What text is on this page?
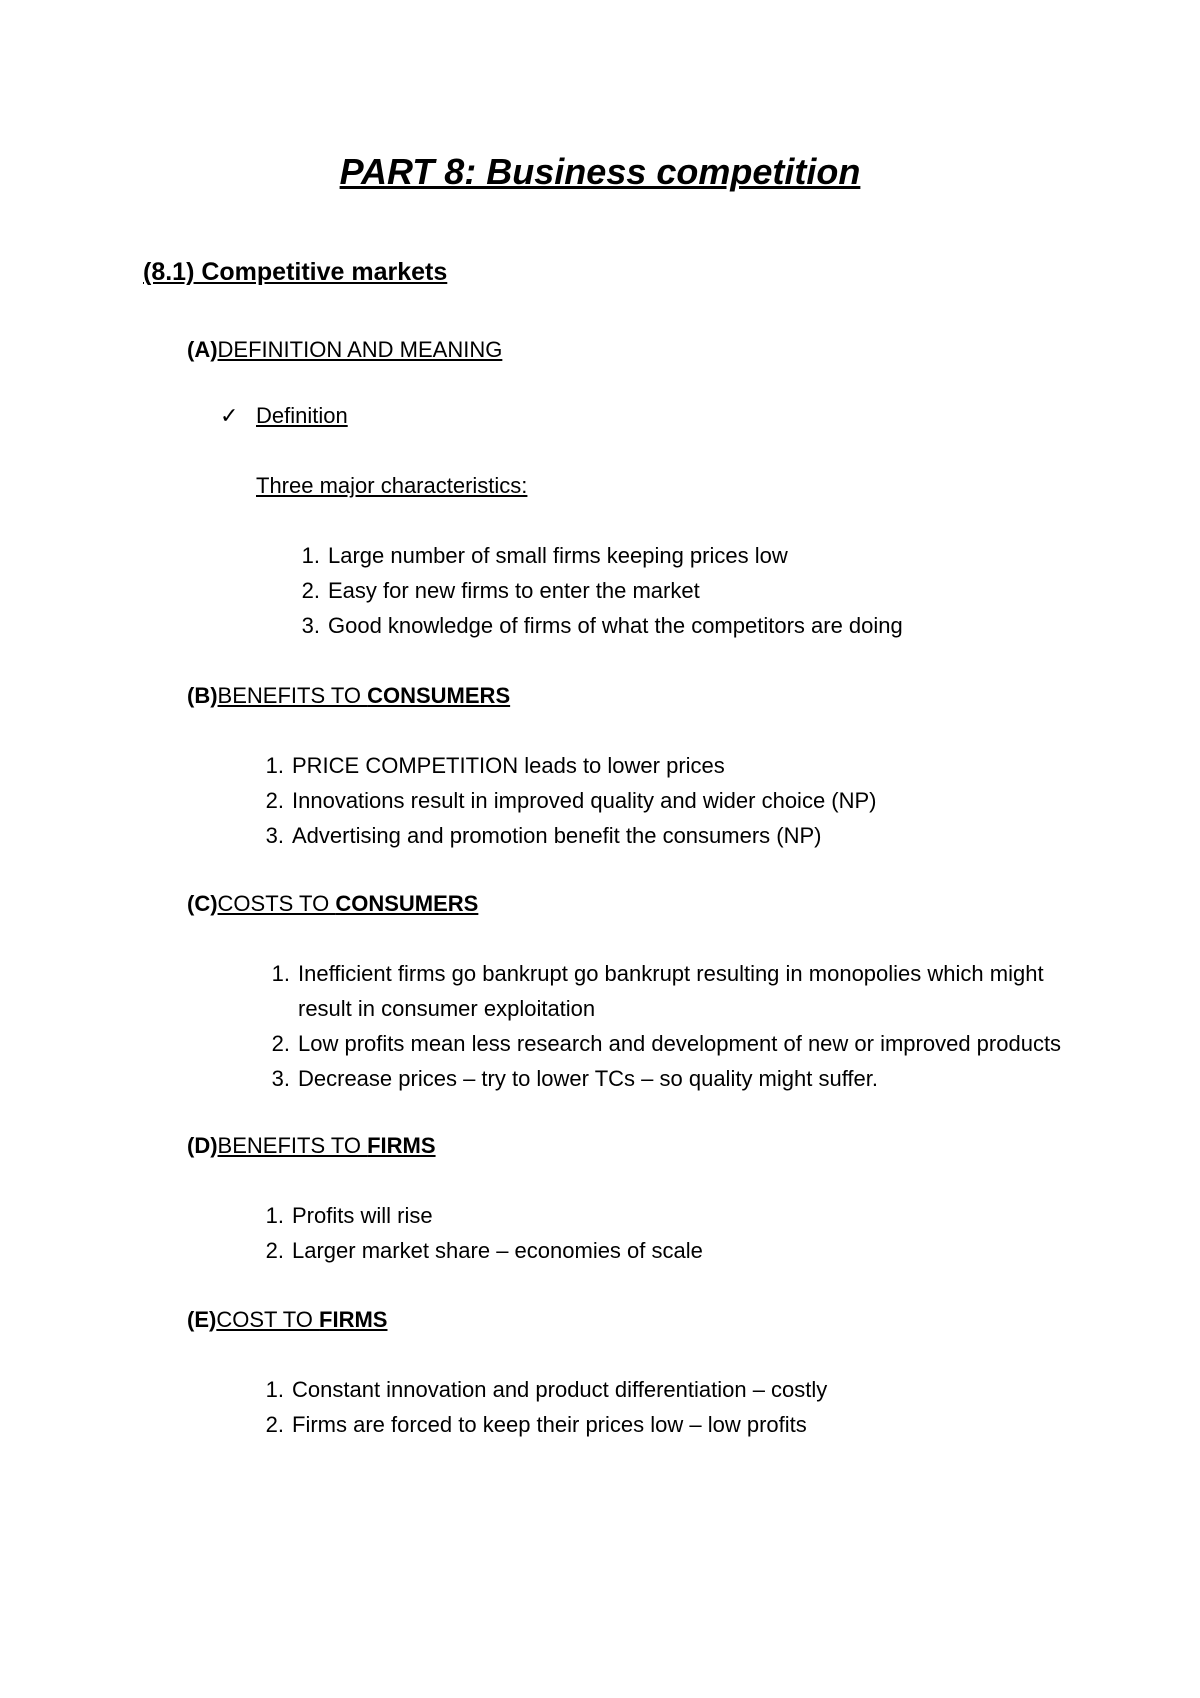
PART 8: Business competition
(8.1) Competitive markets
(A)DEFINITION AND MEANING
✓ Definition
Three major characteristics:
1. Large number of small firms keeping prices low
2. Easy for new firms to enter the market
3. Good knowledge of firms of what the competitors are doing
(B)BENEFITS TO CONSUMERS
1. PRICE COMPETITION leads to lower prices
2. Innovations result in improved quality and wider choice (NP)
3. Advertising and promotion benefit the consumers (NP)
(C)COSTS TO CONSUMERS
1. Inefficient firms go bankrupt go bankrupt resulting in monopolies which might result in consumer exploitation
2. Low profits mean less research and development of new or improved products
3. Decrease prices – try to lower TCs – so quality might suffer.
(D)BENEFITS TO FIRMS
1. Profits will rise
2. Larger market share – economies of scale
(E)COST TO FIRMS
1. Constant innovation and product differentiation – costly
2. Firms are forced to keep their prices low – low profits
